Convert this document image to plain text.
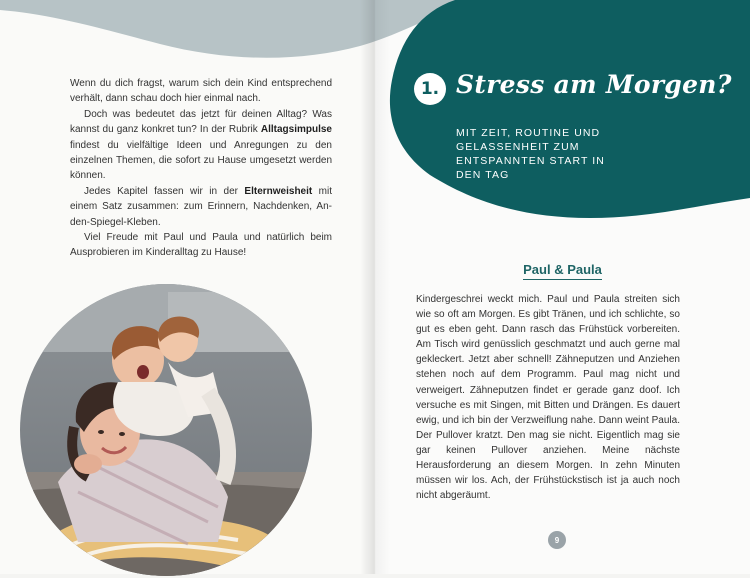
Wenn du dich fragst, warum sich dein Kind entsprechend verhält, dann schau doch hier einmal nach.

Doch was bedeutet das jetzt für deinen Alltag? Was kannst du ganz konkret tun? In der Rubrik Alltagsimpulse findest du vielfältige Ideen und Anregungen zu den einzelnen Themen, die sofort zu Hause umgesetzt werden können.

Jedes Kapitel fassen wir in der Elternweisheit mit einem Satz zusammen: zum Erinnern, Nachdenken, An-den-Spiegel-Kleben.

Viel Freude mit Paul und Paula und natürlich beim Ausprobieren im Kinderalltag zu Hause!

1. Stress am Morgen?
MIT ZEIT, ROUTINE UND
GELASSENHEIT ZUM
ENTSPANNTEN START IN
DEN TAG
Paul & Paula
Kindergeschrei weckt mich. Paul und Paula streiten sich wie so oft am Morgen. Es gibt Tränen, und ich schlichte, so gut es eben geht. Dann rasch das Frühstück vorbereiten. Am Tisch wird genüsslich geschmatzt und auch gerne mal gekleckert. Jetzt aber schnell! Zähneputzen und Anziehen stehen noch auf dem Programm. Paul mag nicht und verweigert. Zähneputzen findet er gerade ganz doof. Ich versuche es mit Singen, mit Bitten und Drängen. Es dauert ewig, und ich bin der Verzweiflung nahe. Dann weint Paula. Der Pullover kratzt. Den mag sie nicht. Eigentlich mag sie gar keinen Pullover anziehen. Meine nächste Herausforderung an diesem Morgen. In zehn Minuten müssen wir los. Ach, der Frühstückstisch ist ja auch noch nicht abgeräumt.
9
